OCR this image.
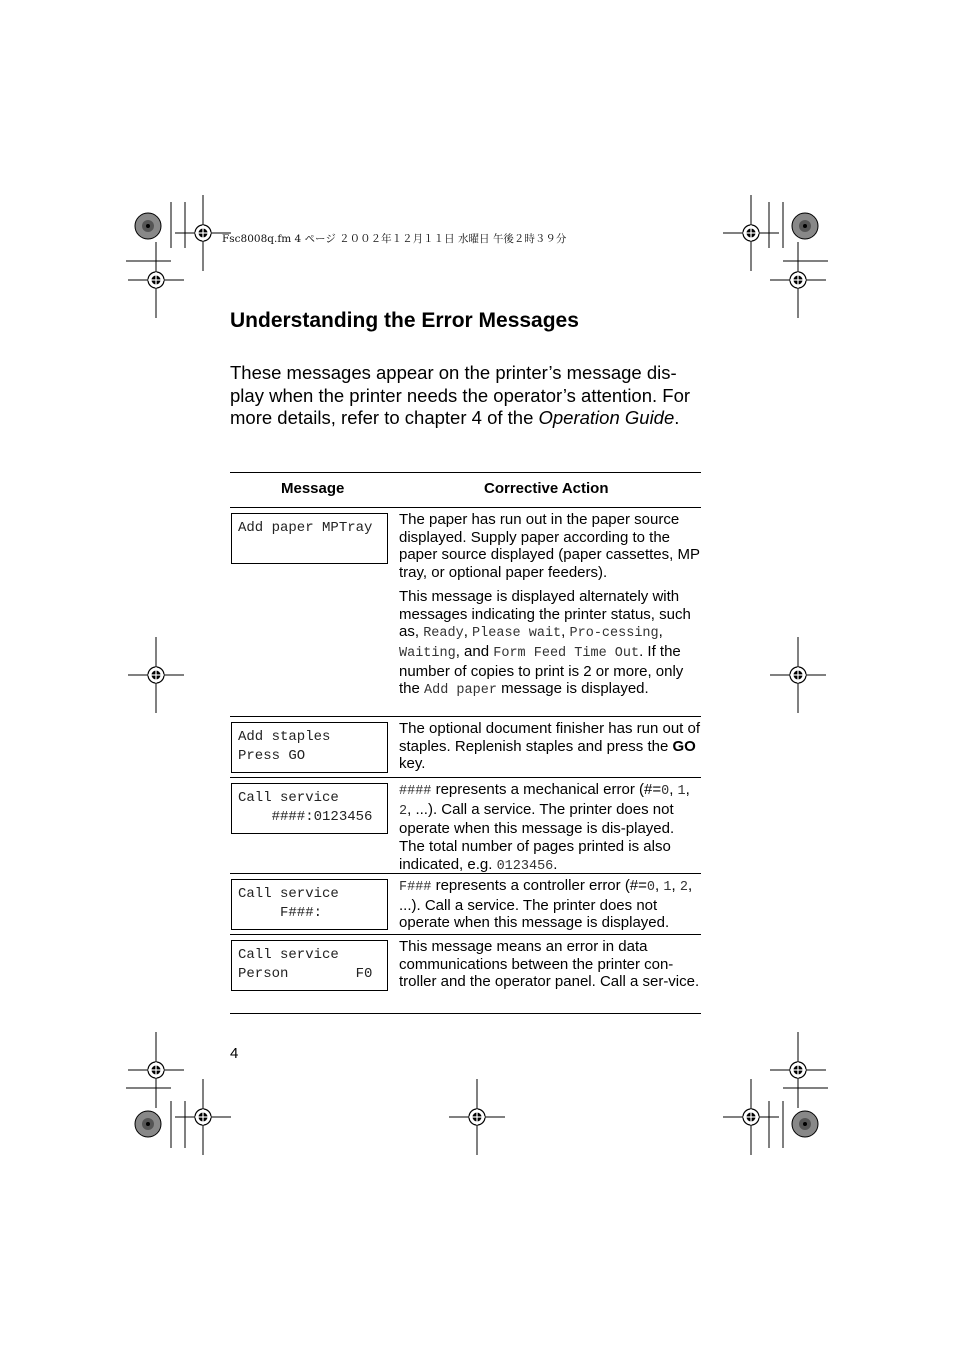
Fsc8008q.fm 4 ページ ２００２年１２月１１日 水曜日 午後２時３９分
Understanding the Error Messages
These messages appear on the printer’s message dis-play when the printer needs the operator’s attention. For more details, refer to chapter 4 of the Operation Guide.
Message	Corrective Action
Add paper MPTray	The paper has run out in the paper source displayed. Supply paper according to the paper source displayed (paper cassettes, MP tray, or optional paper feeders).
This message is displayed alternately with messages indicating the printer status, such as, Ready, Please wait, Pro-cessing, Waiting, and Form Feed Time Out. If the number of copies to print is 2 or more, only the Add paper message is displayed.
Add staples
Press GO
The optional document finisher has run out of staples. Replenish staples and press the GO key.
Call service
####:0123456
#### represents a mechanical error (#=0, 1, 2, ...). Call a service. The printer does not operate when this message is dis-played. The total number of pages printed is also indicated, e.g. 0123456.
Call service
F###:
F### represents a controller error (#=0, 1, 2, ...). Call a service. The printer does not operate when this message is displayed.
Call service
Person        F0
This message means an error in data communications between the printer con-troller and the operator panel. Call a ser-vice.
4
